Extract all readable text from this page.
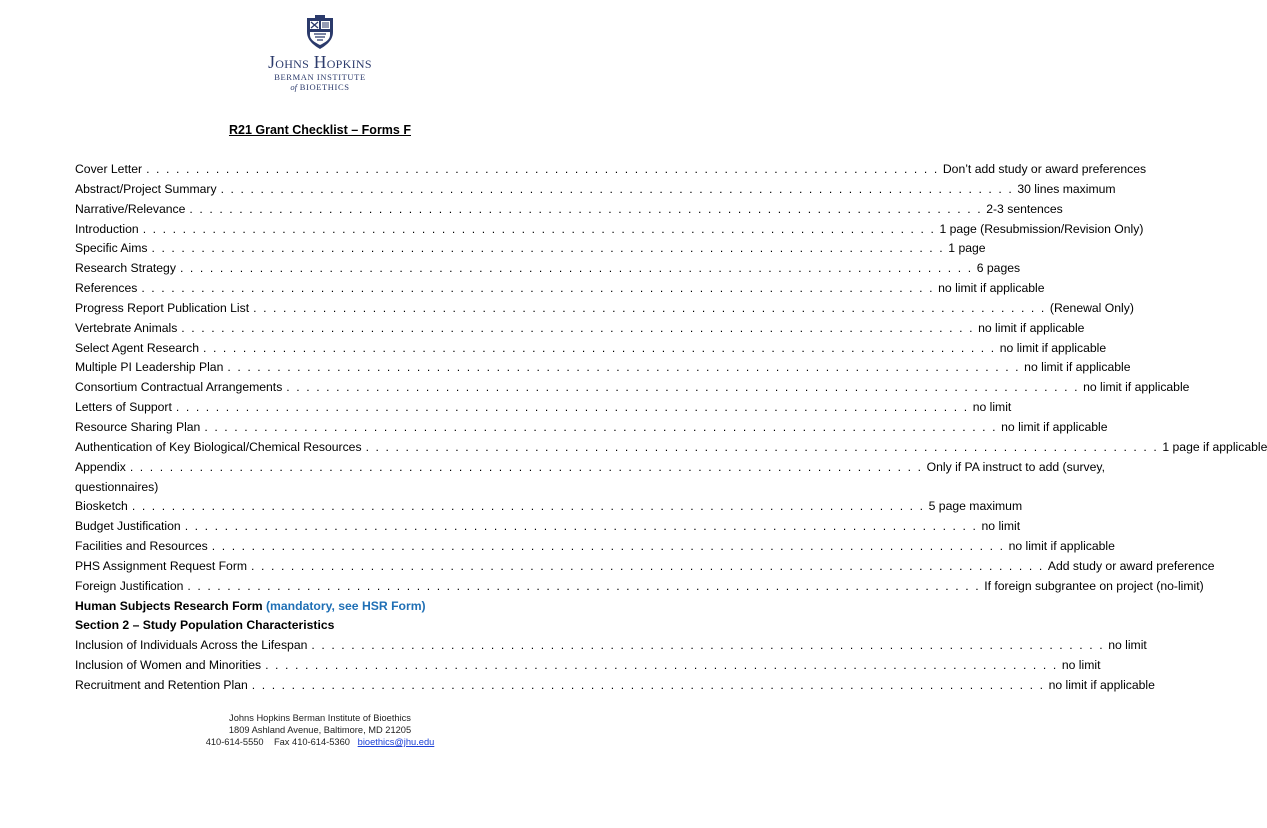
Johns Hopkins
BERMAN INSTITUTE
of BIOETHICS
R21 Grant Checklist – Forms F
Cover Letter . . . . . . . . . . . . . . . . . . . . . . . . . . . . . . . . . . . . . . . . . . . . . . . . . . . . . . . . . . . . . . . . . . . . . . . . . . . . . . . . Don’t add study or award preferences
Abstract/Project Summary . . . . . . . . . . . . . . . . . . . . . . . . . . . . . . . . . . . . . . . . . . . . . . . . . . . . . . . . . . . . . . . . . . . . . . . . . . . . . . . . 30 lines maximum
Narrative/Relevance . . . . . . . . . . . . . . . . . . . . . . . . . . . . . . . . . . . . . . . . . . . . . . . . . . . . . . . . . . . . . . . . . . . . . . . . . . . . . . . . 2-3 sentences
Introduction . . . . . . . . . . . . . . . . . . . . . . . . . . . . . . . . . . . . . . . . . . . . . . . . . . . . . . . . . . . . . . . . . . . . . . . . . . . . . . . . 1 page (Resubmission/Revision Only)
Specific Aims . . . . . . . . . . . . . . . . . . . . . . . . . . . . . . . . . . . . . . . . . . . . . . . . . . . . . . . . . . . . . . . . . . . . . . . . . . . . . . . . 1 page
Research Strategy . . . . . . . . . . . . . . . . . . . . . . . . . . . . . . . . . . . . . . . . . . . . . . . . . . . . . . . . . . . . . . . . . . . . . . . . . . . . . . . . 6 pages
References . . . . . . . . . . . . . . . . . . . . . . . . . . . . . . . . . . . . . . . . . . . . . . . . . . . . . . . . . . . . . . . . . . . . . . . . . . . . . . . . no limit if applicable
Progress Report Publication List . . . . . . . . . . . . . . . . . . . . . . . . . . . . . . . . . . . . . . . . . . . . . . . . . . . . . . . . . . . . . . . . . . . . . . . . . . . . . . . . (Renewal Only)
Vertebrate Animals . . . . . . . . . . . . . . . . . . . . . . . . . . . . . . . . . . . . . . . . . . . . . . . . . . . . . . . . . . . . . . . . . . . . . . . . . . . . . . . . no limit if applicable
Select Agent Research . . . . . . . . . . . . . . . . . . . . . . . . . . . . . . . . . . . . . . . . . . . . . . . . . . . . . . . . . . . . . . . . . . . . . . . . . . . . . . . . no limit if applicable
Multiple PI Leadership Plan . . . . . . . . . . . . . . . . . . . . . . . . . . . . . . . . . . . . . . . . . . . . . . . . . . . . . . . . . . . . . . . . . . . . . . . . . . . . . . . . no limit if applicable
Consortium Contractual Arrangements . . . . . . . . . . . . . . . . . . . . . . . . . . . . . . . . . . . . . . . . . . . . . . . . . . . . . . . . . . . . . . . . . . . . . . . . . . . . . . . . no limit if applicable
Letters of Support . . . . . . . . . . . . . . . . . . . . . . . . . . . . . . . . . . . . . . . . . . . . . . . . . . . . . . . . . . . . . . . . . . . . . . . . . . . . . . . . no limit
Resource Sharing Plan . . . . . . . . . . . . . . . . . . . . . . . . . . . . . . . . . . . . . . . . . . . . . . . . . . . . . . . . . . . . . . . . . . . . . . . . . . . . . . . . no limit if applicable
Authentication of Key Biological/Chemical Resources . . . . . . . . . . . . . . . . . . . . . . . . . . . . . . . . . . . . . . . . . . . . . . . . . . . . . . . . . . . . . . . . . . . . . . . . . . . . . . . . 1 page if applicable
Appendix . . . . . . . . . . . . . . . . . . . . . . . . . . . . . . . . . . . . . . . . . . . . . . . . . . . . . . . . . . . . . . . . . . . . . . . . . . . . . . . . Only if PA instruct to add (survey,
questionnaires)
Biosketch . . . . . . . . . . . . . . . . . . . . . . . . . . . . . . . . . . . . . . . . . . . . . . . . . . . . . . . . . . . . . . . . . . . . . . . . . . . . . . . . 5 page maximum
Budget Justification . . . . . . . . . . . . . . . . . . . . . . . . . . . . . . . . . . . . . . . . . . . . . . . . . . . . . . . . . . . . . . . . . . . . . . . . . . . . . . . . no limit
Facilities and Resources . . . . . . . . . . . . . . . . . . . . . . . . . . . . . . . . . . . . . . . . . . . . . . . . . . . . . . . . . . . . . . . . . . . . . . . . . . . . . . . . no limit if applicable
PHS Assignment Request Form . . . . . . . . . . . . . . . . . . . . . . . . . . . . . . . . . . . . . . . . . . . . . . . . . . . . . . . . . . . . . . . . . . . . . . . . . . . . . . . . Add study or award preference
Foreign Justification . . . . . . . . . . . . . . . . . . . . . . . . . . . . . . . . . . . . . . . . . . . . . . . . . . . . . . . . . . . . . . . . . . . . . . . . . . . . . . . . If foreign subgrantee on project (no-limit)
Human Subjects Research Form (mandatory, see HSR Form)
Section 2 – Study Population Characteristics
Inclusion of Individuals Across the Lifespan . . . . . . . . . . . . . . . . . . . . . . . . . . . . . . . . . . . . . . . . . . . . . . . . . . . . . . . . . . . . . . . . . . . . . . . . . . . . . . . . no limit
Inclusion of Women and Minorities . . . . . . . . . . . . . . . . . . . . . . . . . . . . . . . . . . . . . . . . . . . . . . . . . . . . . . . . . . . . . . . . . . . . . . . . . . . . . . . . no limit
Recruitment and Retention Plan . . . . . . . . . . . . . . . . . . . . . . . . . . . . . . . . . . . . . . . . . . . . . . . . . . . . . . . . . . . . . . . . . . . . . . . . . . . . . . . . no limit if applicable
Johns Hopkins Berman Institute of Bioethics
1809 Ashland Avenue, Baltimore, MD 21205
410-614-5550 Fax 410-614-5360 bioethics@jhu.edu
